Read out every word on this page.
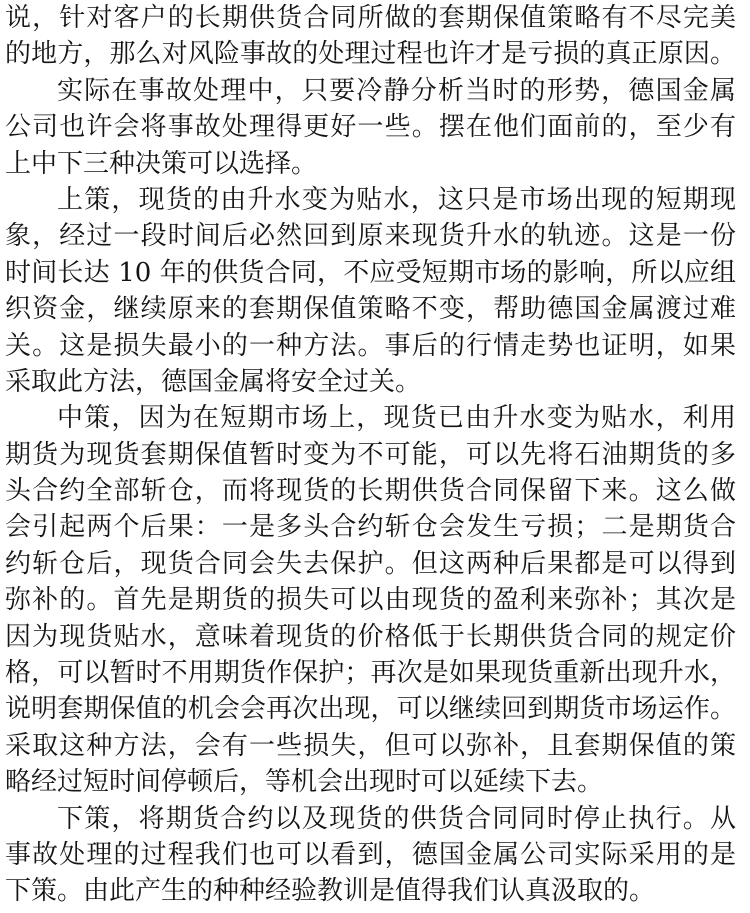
说，针对客户的长期供货合同所做的套期保值策略有不尽完美
的地方，那么对风险事故的处理过程也许才是亏损的真正原因。
实际在事故处理中，只要冷静分析当时的形势，德国金属
公司也许会将事故处理得更好一些。摆在他们面前的，至少有
上中下三种决策可以选择。
上策，现货的由升水变为贴水，这只是市场出现的短期现
象，经过一段时间后必然回到原来现货升水的轨迹。这是一份
时间长达 10 年的供货合同，不应受短期市场的影响，所以应组
织资金，继续原来的套期保值策略不变，帮助德国金属渡过难
关。这是损失最小的一种方法。事后的行情走势也证明，如果
采取此方法，德国金属将安全过关。
中策，因为在短期市场上，现货已由升水变为贴水，利用
期货为现货套期保值暂时变为不可能，可以先将石油期货的多
头合约全部斩仓，而将现货的长期供货合同保留下来。这么做
会引起两个后果：一是多头合约斩仓会发生亏损；二是期货合
约斩仓后，现货合同会失去保护。但这两种后果都是可以得到
弥补的。首先是期货的损失可以由现货的盈利来弥补；其次是
因为现货贴水，意味着现货的价格低于长期供货合同的规定价
格，可以暂时不用期货作保护；再次是如果现货重新出现升水，
说明套期保值的机会会再次出现，可以继续回到期货市场运作。
采取这种方法，会有一些损失，但可以弥补，且套期保值的策
略经过短时间停顿后，等机会出现时可以延续下去。
下策，将期货合约以及现货的供货合同同时停止执行。从
事故处理的过程我们也可以看到，德国金属公司实际采用的是
下策。由此产生的种种经验教训是值得我们认真汲取的。
